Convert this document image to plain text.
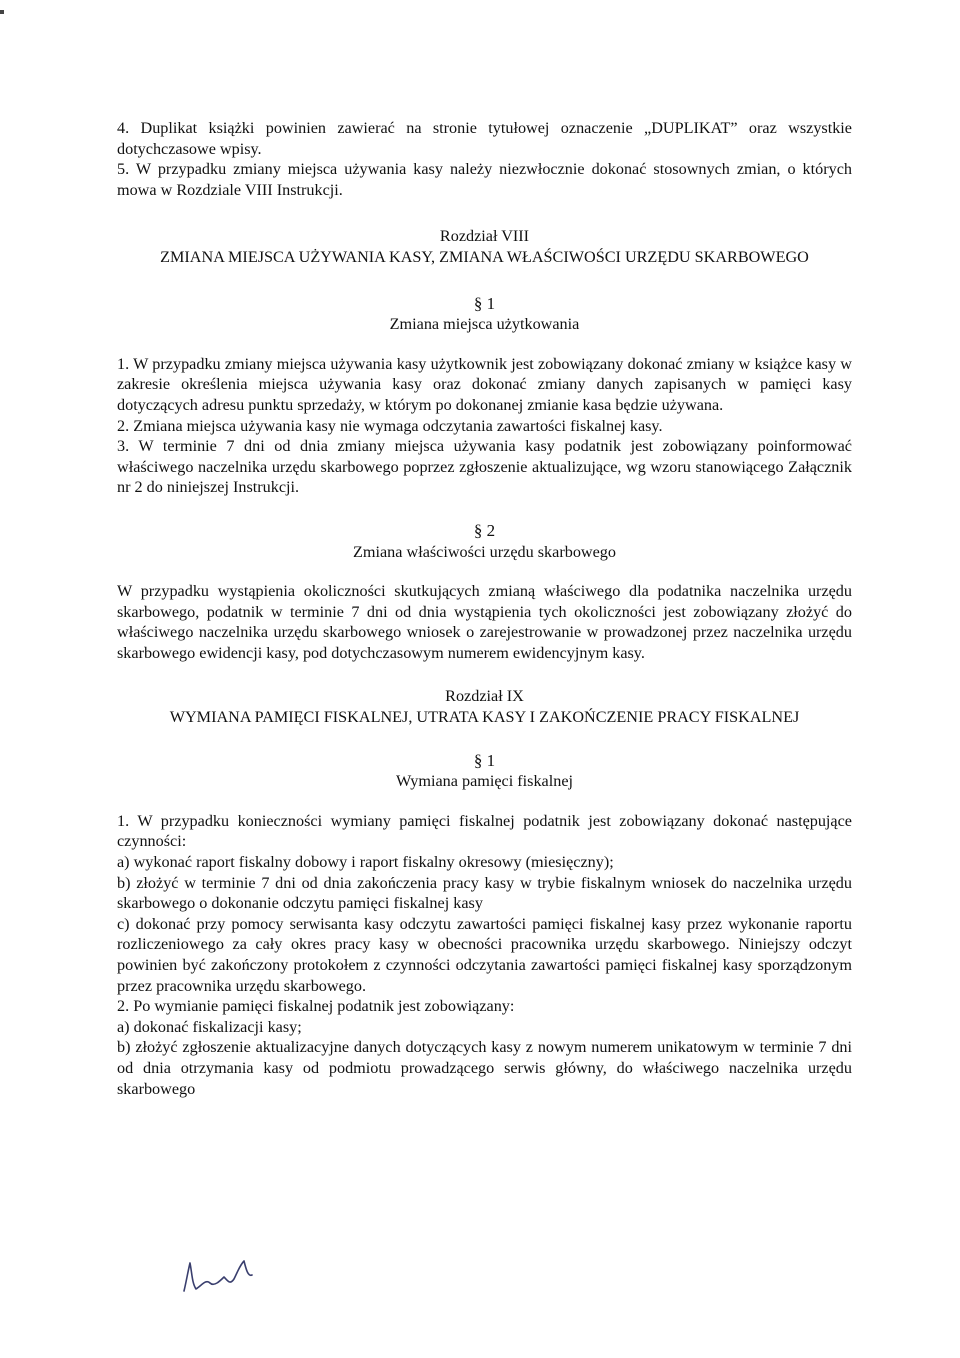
4. Duplikat książki powinien zawierać na stronie tytułowej oznaczenie „DUPLIKAT” oraz wszystkie dotychczasowe wpisy.

5. W przypadku zmiany miejsca używania kasy należy niezwłocznie dokonać stosownych zmian, o których mowa w Rozdziale VIII Instrukcji.

Rozdział VIII

ZMIANA MIEJSCA UŻYWANIA KASY, ZMIANA WŁAŚCIWOŚCI URZĘDU SKARBOWEGO

§ 1

Zmiana miejsca użytkowania

1. W przypadku zmiany miejsca używania kasy użytkownik jest zobowiązany dokonać zmiany w książce kasy w zakresie określenia miejsca używania kasy oraz dokonać zmiany danych zapisanych w pamięci kasy dotyczących adresu punktu sprzedaży, w którym po dokonanej zmianie kasa będzie używana.

2. Zmiana miejsca używania kasy nie wymaga odczytania zawartości fiskalnej kasy.

3. W terminie 7 dni od dnia zmiany miejsca używania kasy podatnik jest zobowiązany poinformować właściwego naczelnika urzędu skarbowego poprzez zgłoszenie aktualizujące, wg wzoru stanowiącego Załącznik nr 2 do niniejszej Instrukcji.

§ 2

Zmiana właściwości urzędu skarbowego

W przypadku wystąpienia okoliczności skutkujących zmianą właściwego dla podatnika naczelnika urzędu skarbowego, podatnik w terminie 7 dni od dnia wystąpienia tych okoliczności jest zobowiązany złożyć do właściwego naczelnika urzędu skarbowego wniosek o zarejestrowanie w prowadzonej przez naczelnika urzędu skarbowego ewidencji kasy, pod dotychczasowym numerem ewidencyjnym kasy.

Rozdział IX

WYMIANA PAMIĘCI FISKALNEJ, UTRATA KASY I ZAKOŃCZENIE PRACY FISKALNEJ

§ 1

Wymiana pamięci fiskalnej

1. W przypadku konieczności wymiany pamięci fiskalnej podatnik jest zobowiązany dokonać następujące czynności:

a) wykonać raport fiskalny dobowy i raport fiskalny okresowy (miesięczny);

b) złożyć w terminie 7 dni od dnia zakończenia pracy kasy w trybie fiskalnym wniosek do naczelnika urzędu skarbowego o dokonanie odczytu pamięci fiskalnej kasy

c) dokonać przy pomocy serwisanta kasy odczytu zawartości pamięci fiskalnej kasy przez wykonanie raportu rozliczeniowego za cały okres pracy kasy w obecności pracownika urzędu skarbowego. Niniejszy odczyt powinien być zakończony protokołem z czynności odczytania zawartości pamięci fiskalnej kasy sporządzonym przez pracownika urzędu skarbowego.

2. Po wymianie pamięci fiskalnej podatnik jest zobowiązany:

a) dokonać fiskalizacji kasy;

b) złożyć zgłoszenie aktualizacyjne danych dotyczących kasy z nowym numerem unikatowym w terminie 7 dni od dnia otrzymania kasy od podmiotu prowadzącego serwis główny, do właściwego naczelnika urzędu skarbowego
